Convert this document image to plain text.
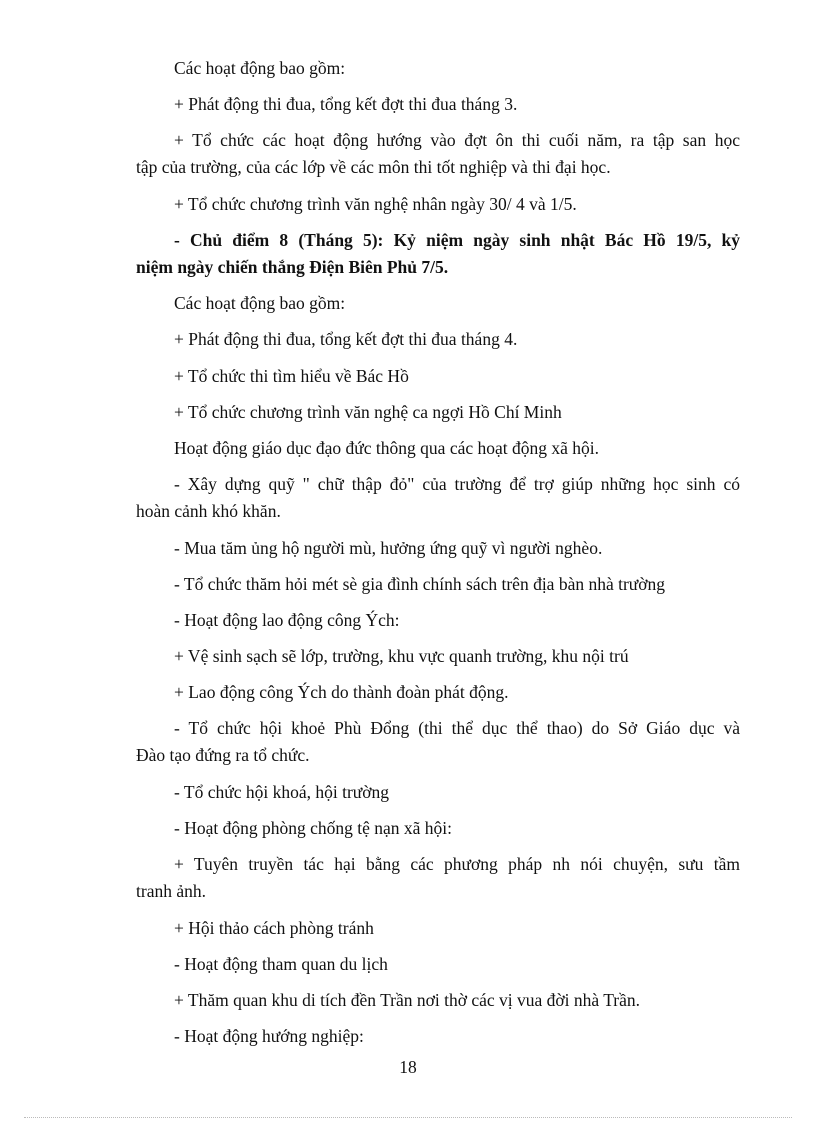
Các hoạt động bao gồm:
+ Phát động thi đua, tổng kết đợt thi đua tháng 3.
+ Tổ chức các hoạt động hướng vào đợt ôn thi cuối năm, ra tập san học
tập của trường, của các lớp về các môn thi tốt nghiệp và thi đại học.
+ Tổ chức chương trình văn nghệ nhân ngày 30/ 4 và 1/5.
- Chủ điểm 8 (Tháng 5): Kỷ niệm ngày sinh nhật Bác Hồ 19/5, kỷ
niệm ngày chiến thắng Điện Biên Phủ 7/5.
Các hoạt động bao gồm:
+ Phát động thi đua, tổng kết đợt thi đua tháng 4.
+ Tổ chức thi tìm hiểu về Bác Hồ
+ Tổ chức chương trình văn nghệ ca ngợi Hồ Chí Minh
Hoạt động giáo dục đạo đức thông qua các hoạt động xã hội.
- Xây dựng quỹ " chữ thập đỏ" của trường để trợ giúp những học sinh có
hoàn cảnh khó khăn.
- Mua tăm ủng hộ người mù, hưởng ứng quỹ vì người nghèo.
- Tổ chức thăm hỏi mét sè gia đình chính sách trên địa bàn nhà trường
- Hoạt động lao động công Ých:
+ Vệ sinh sạch sẽ lớp, trường, khu vực quanh trường, khu nội trú
+ Lao động công Ých do thành đoàn phát động.
- Tổ chức hội khoẻ Phù Đổng (thi thể dục thể thao) do Sở Giáo dục và
Đào tạo đứng ra tổ chức.
- Tổ chức hội khoá, hội trường
- Hoạt động phòng chống tệ nạn xã hội:
+ Tuyên truyền tác hại bằng các phương pháp nh nói chuyện, sưu tầm
tranh ảnh.
+ Hội thảo cách phòng tránh
- Hoạt động tham quan du lịch
+ Thăm quan khu di tích đền Trần nơi thờ các vị vua đời nhà Trần.
- Hoạt động hướng nghiệp:
18
